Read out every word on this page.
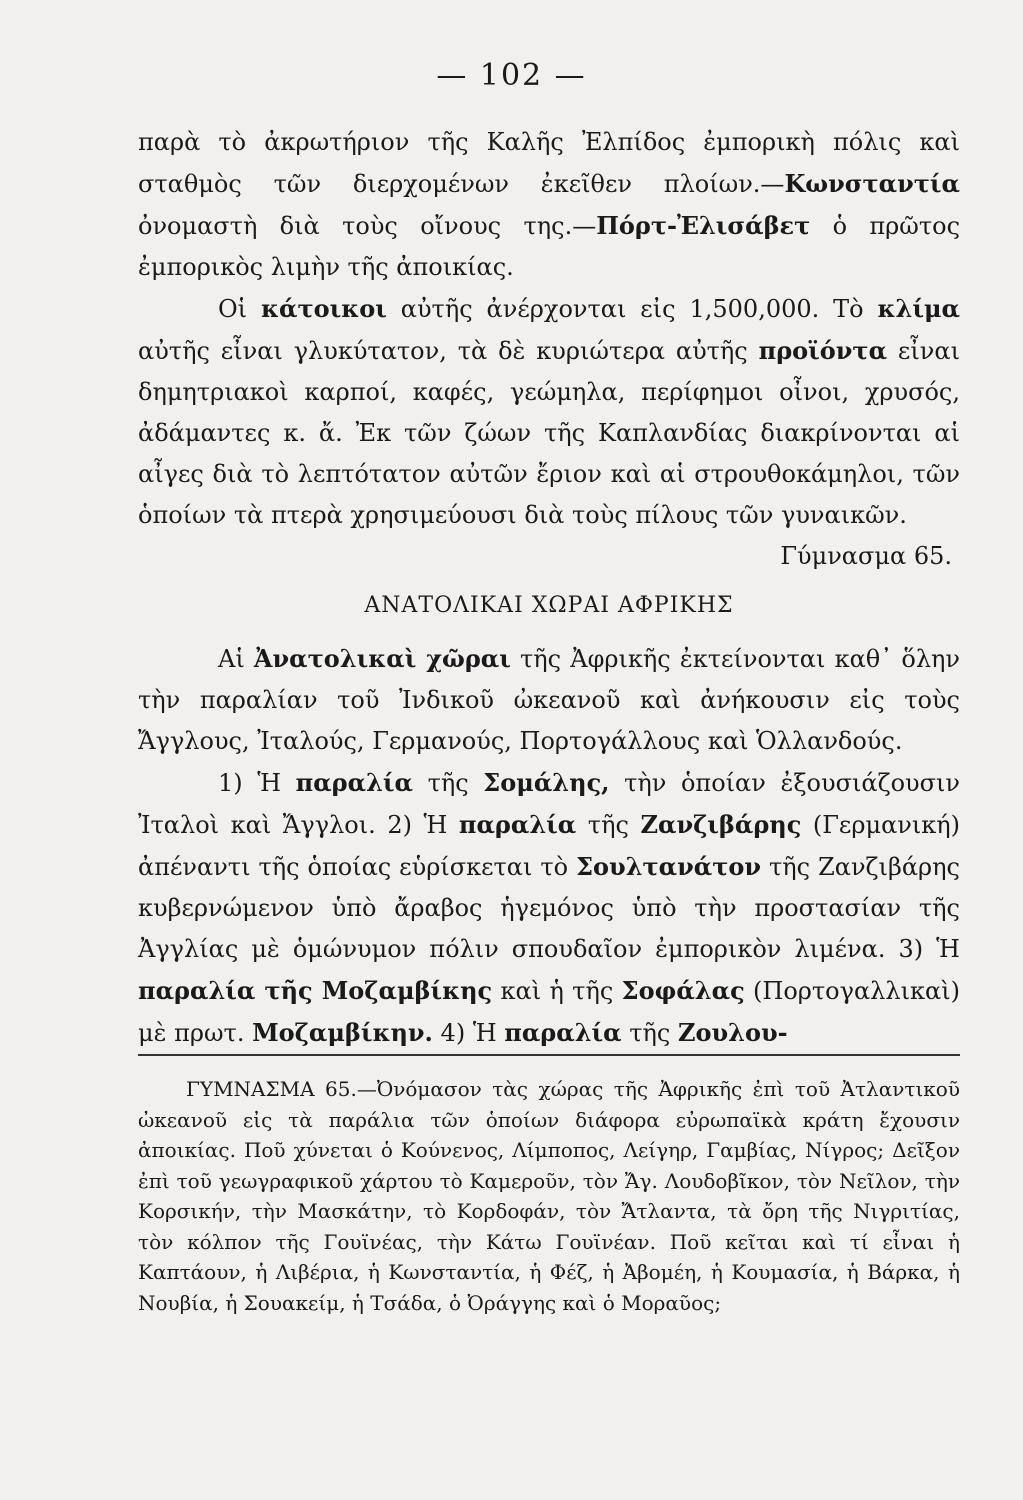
— 102 —

παρὰ τὸ ἀκρωτήριον τῆς Καλῆς Ἐλπίδος ἐμπορικὴ πόλις καὶ σταθμὸς τῶν διερχομένων ἐκεῖθεν πλοίων.—Κωνσταντία ὀνομαστὴ διὰ τοὺς οἴνους της.—Πόρτ-Ἐλισάβετ ὁ πρῶτος ἐμπορικὸς λιμὴν τῆς ἀποικίας.

Οἱ κάτοικοι αὐτῆς ἀνέρχονται εἰς 1,500,000. Τὸ κλίμα αὐτῆς εἶναι γλυκύτατον, τὰ δὲ κυριώτερα αὐτῆς προϊόντα εἶναι δημητριακοὶ καρποί, καφές, γεώμηλα, περίφημοι οἶνοι, χρυσός, ἀδάμαντες κ. ἄ. Ἐκ τῶν ζώων τῆς Καπλανδίας διακρίνονται αἱ αἶγες διὰ τὸ λεπτότατον αὐτῶν ἔριον καὶ αἱ στρουθοκάμηλοι, τῶν ὁποίων τὰ πτερὰ χρησιμεύουσι διὰ τοὺς πίλους τῶν γυναικῶν.

Γύμνασμα 65.

ΑΝΑΤΟΛΙΚΑΙ ΧΩΡΑΙ ΑΦΡΙΚΗΣ

Αἱ Ἀνατολικαὶ χῶραι τῆς Ἀφρικῆς ἐκτείνονται καθ᾽ ὅλην τὴν παραλίαν τοῦ Ἰνδικοῦ ὠκεανοῦ καὶ ἀνήκουσιν εἰς τοὺς Ἄγγλους, Ἰταλούς, Γερμανούς, Πορτογάλλους καὶ Ὁλλανδούς.

1) Ἡ παραλία τῆς Σομάλης, τὴν ὁποίαν ἐξουσιάζουσιν Ἰταλοὶ καὶ Ἄγγλοι. 2) Ἡ παραλία τῆς Ζανζιβάρης (Γερμανική) ἀπέναντι τῆς ὁποίας εὑρίσκεται τὸ Σουλτανάτον τῆς Ζανζιβάρης κυβερνώμενον ὑπὸ ἄραβος ἡγεμόνος ὑπὸ τὴν προστασίαν τῆς Ἀγγλίας μὲ ὁμώνυμον πόλιν σπουδαῖον ἐμπορικὸν λιμένα. 3) Ἡ παραλία τῆς Μοζαμβίκης καὶ ἡ τῆς Σοφάλας (Πορτογαλλικαὶ) μὲ πρωτ. Μοζαμβίκην. 4) Ἡ παραλία τῆς Ζουλου-

ΓΥΜΝΑΣΜΑ 65.—Ὀνόμασον τὰς χώρας τῆς Ἀφρικῆς ἐπὶ τοῦ Ἀτλαντικοῦ ὠκεανοῦ εἰς τὰ παράλια τῶν ὁποίων διάφορα εὐρωπαϊκὰ κράτη ἔχουσιν ἀποικίας. Ποῦ χύνεται ὁ Κούνενος, Λίμποπος, Λείγηρ, Γαμβίας, Νίγρος; Δεῖξον ἐπὶ τοῦ γεωγραφικοῦ χάρτου τὸ Καμεροῦν, τὸν Ἄγ. Λουδοβῖκον, τὸν Νεῖλον, τὴν Κορσικήν, τὴν Μασκάτην, τὸ Κορδοφάν, τὸν Ἄτλαντα, τὰ ὄρη τῆς Νιγριτίας, τὸν κόλπον τῆς Γουϊνέας, τὴν Κάτω Γουϊνέαν. Ποῦ κεῖται καὶ τί εἶναι ἡ Καπτάουν, ἡ Λιβέρια, ἡ Κωνσταντία, ἡ Φέζ, ἡ Ἀβομέη, ἡ Κουμασία, ἡ Βάρκα, ἡ Νουβία, ἡ Σουακείμ, ἡ Τσάδα, ὁ Ὀράγγης καὶ ὁ Μοραῦος;
